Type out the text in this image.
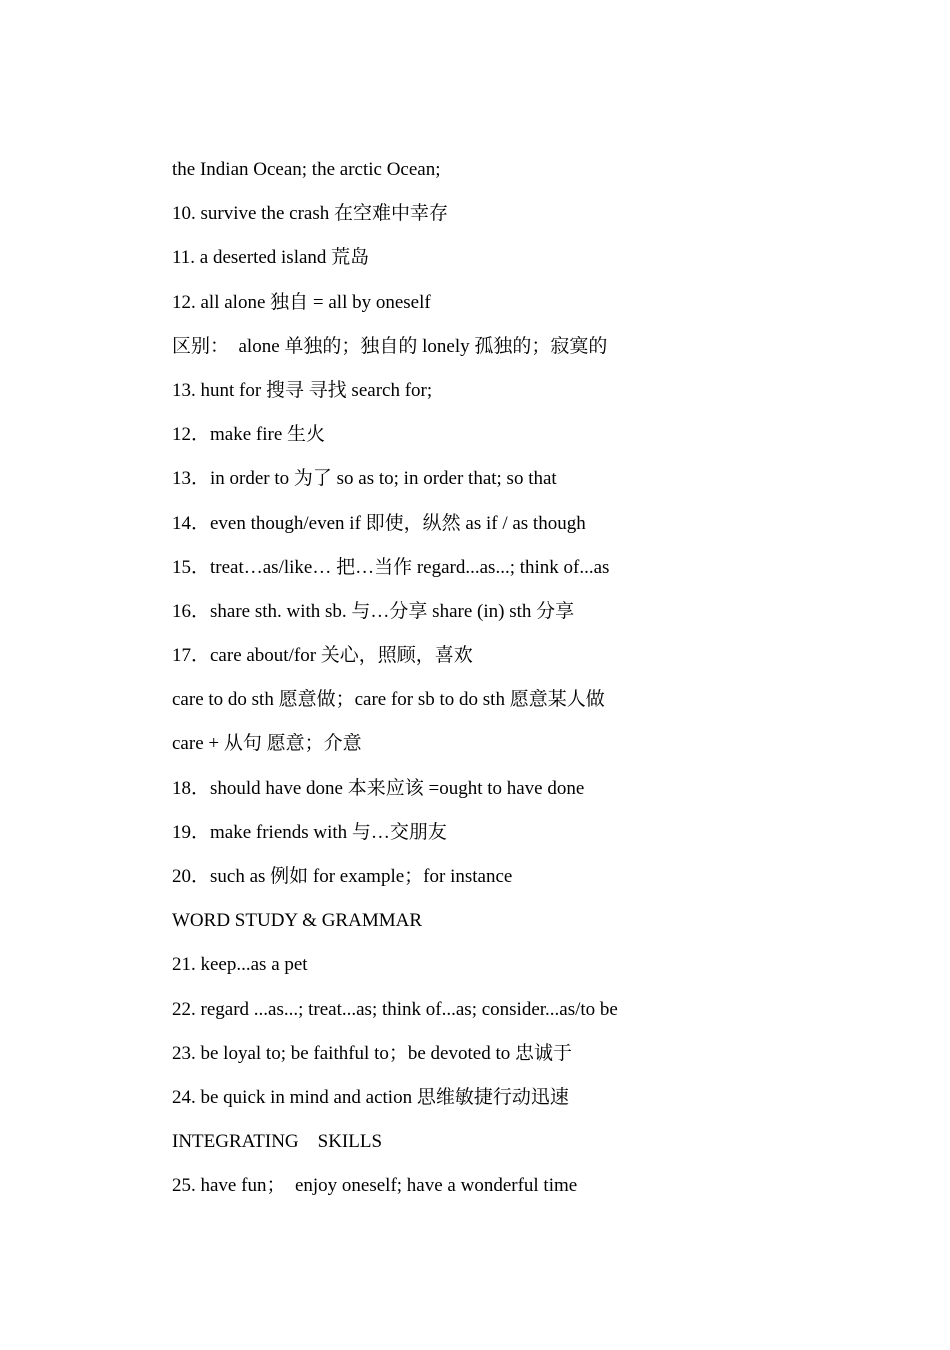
the Indian Ocean; the arctic Ocean;
10. survive the crash 在空难中幸存
11. a deserted island 荒岛
12. all alone 独自 = all by oneself
区别：  alone 单独的；独自的 lonely 孤独的；寂寞的
13. hunt for 搜寻 寻找 search for;
12．make fire 生火
13．in order to 为了 so as to; in order that; so that
14．even though/even if 即使，纵然 as if / as though
15．treat…as/like… 把…当作 regard...as...; think of...as
16．share sth. with sb. 与…分享 share (in) sth 分享
17．care about/for 关心，照顾，喜欢
care to do sth 愿意做；care for sb to do sth 愿意某人做
care + 从句 愿意；介意
18．should have done 本来应该 =ought to have done
19．make friends with 与…交朋友
20．such as 例如 for example；for instance
WORD STUDY & GRAMMAR
21. keep...as a pet
22. regard ...as...; treat...as; think of...as; consider...as/to be
23. be loyal to; be faithful to；be devoted to 忠诚于
24. be quick in mind and action 思维敏捷行动迅速
INTEGRATING    SKILLS
25. have fun；  enjoy oneself; have a wonderful time
